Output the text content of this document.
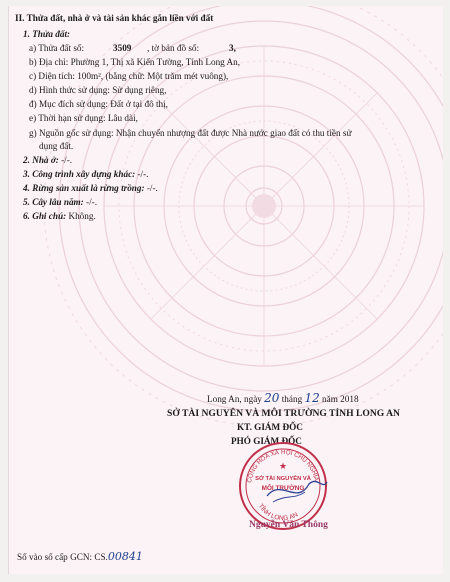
II. Thửa đất, nhà ở và tài sản khác gắn liền với đất
1. Thửa đất:
a) Thửa đất số:	3509 , tờ bản đồ số:	3,
b) Địa chỉ: Phường 1, Thị xã Kiến Tường, Tỉnh Long An,
c) Diện tích: 100m², (bằng chữ: Một trăm mét vuông),
d) Hình thức sử dụng: Sử dụng riêng,
đ) Mục đích sử dụng: Đất ở tại đô thị,
e) Thời hạn sử dụng: Lâu dài,
g) Nguồn gốc sử dụng: Nhận chuyển nhượng đất được Nhà nước giao đất có thu tiền sử
dụng đất.
2. Nhà ở: -/-.
3. Công trình xây dựng khác: -/-.
4. Rừng sản xuất là rừng trồng: -/-.
5. Cây lâu năm: -/-.
6. Ghi chú: Không.
Long An, ngày 20 tháng 12 năm 2018
SỞ TÀI NGUYÊN VÀ MÔI TRƯỜNG TỈNH LONG AN
KT. GIÁM ĐỐC
PHÓ GIÁM ĐỐC
Số vào sổ cấp GCN: CS.00841
CỘNG HÒA XÃ HỘI CHỦ NGHĨA
TỈNH LONG AN
SỞ TÀI NGUYÊN VÀ
MÔI TRƯỜNG
★
Nguyễn Văn Thông
